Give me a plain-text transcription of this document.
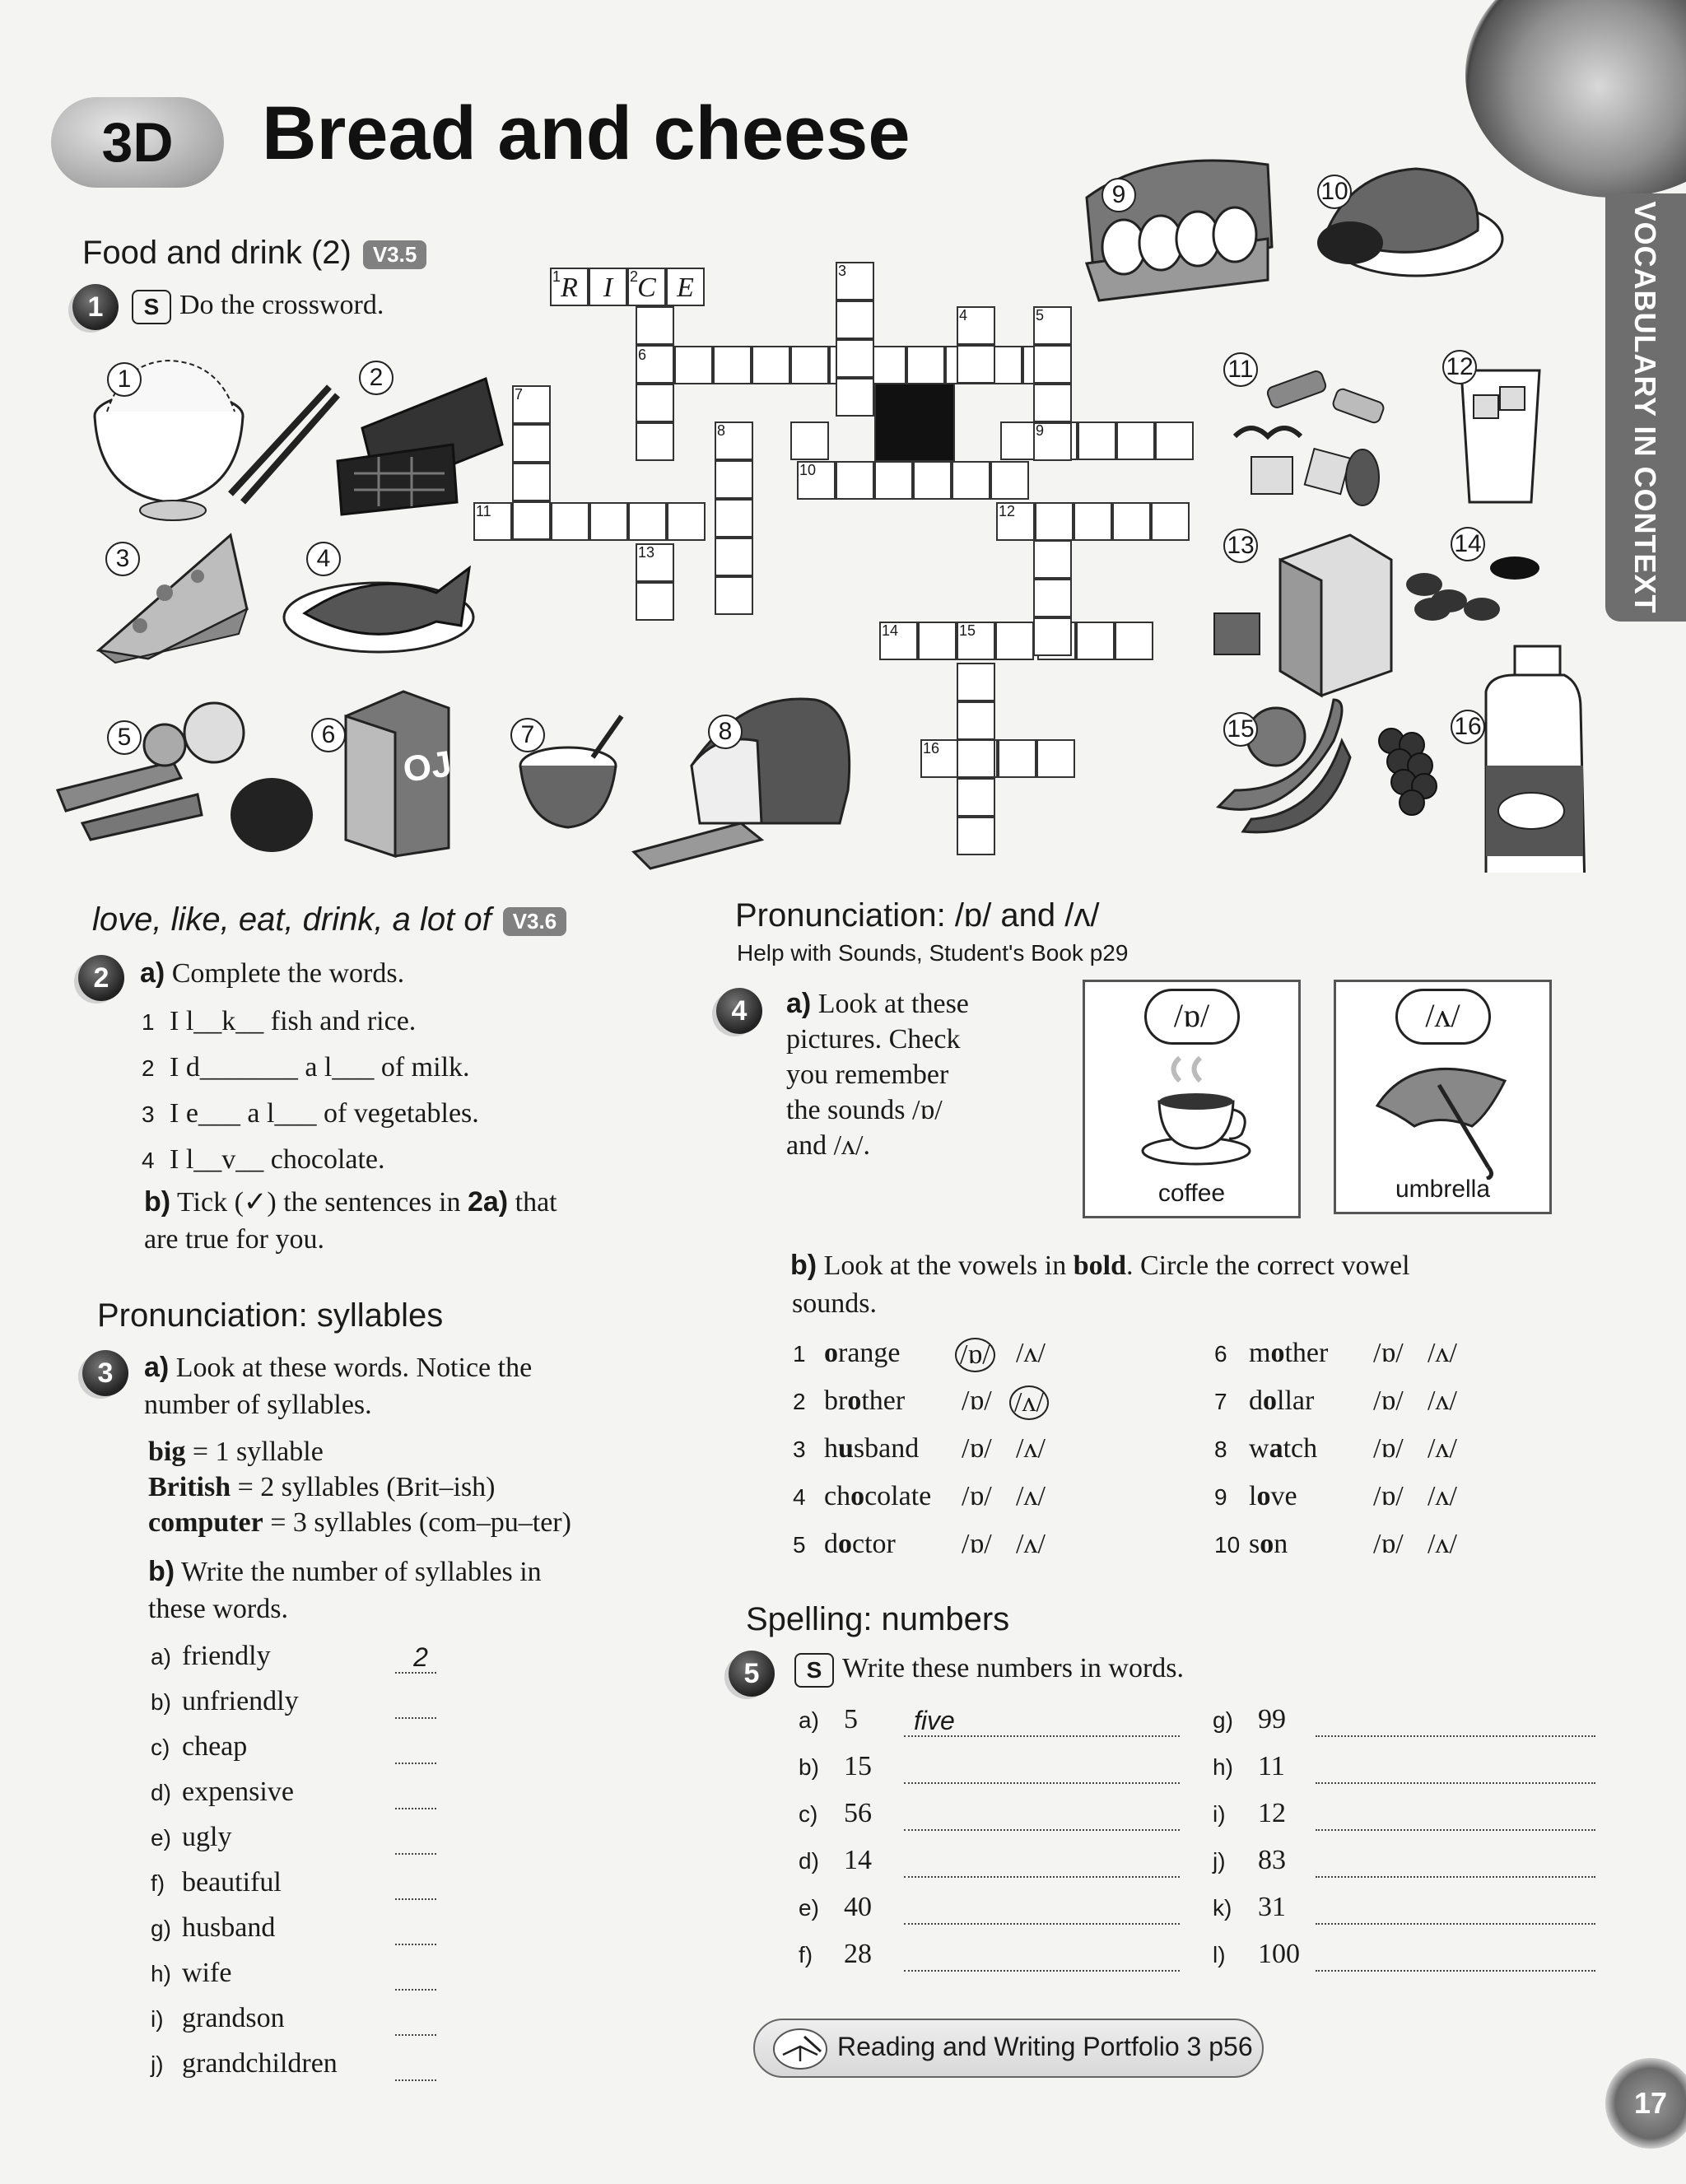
VOCABULARY IN CONTEXT
3D Bread and cheese
Food and drink (2) V3.5
1	S Do the crossword.
1	2	3
4	5
6
7
8	9
10
11	12
13
14	15
16
R I C E
OJ
1	2
3	4
5	6	7	8
9	10
11	12
13	14
15	16
love, like, eat, drink, a lot of V3.6
2	a) Complete the words.
1 I l__k__ fish and rice.
2 I d_______ a l___ of milk.
3 I e___ a l___ of vegetables.
4 I l__v__ chocolate.
b) Tick (✓) the sentences in 2a) that
are true for you.
Pronunciation: syllables
3	a) Look at these words. Notice the
number of syllables.
big = 1 syllable
British = 2 syllables (Brit–ish)
computer = 3 syllables (com–pu–ter)
b) Write the number of syllables in
these words.
a) friendly	2
b) unfriendly
c) cheap
d) expensive
e) ugly
f) beautiful
g) husband
h) wife
i) grandson
j) grandchildren
Pronunciation: /ɒ/ and /ʌ/
Help with Sounds, Student's Book p29
4	a) Look at these
pictures. Check
you remember
the sounds /ɒ/
and /ʌ/.
/ɒ/
coffee
/ʌ/
umbrella
b) Look at the vowels in bold. Circle the correct vowel
sounds.
1 orange /ɒ/ /ʌ/
2 brother /ɒ/ /ʌ/
3 husband /ɒ/ /ʌ/
4 chocolate /ɒ/ /ʌ/
5 doctor /ɒ/ /ʌ/
6 mother /ɒ/ /ʌ/
7 dollar /ɒ/ /ʌ/
8 watch /ɒ/ /ʌ/
9 love	/ɒ/ /ʌ/
10 son	/ɒ/ /ʌ/
Spelling: numbers
5	S Write these numbers in words.
a) 5	five
b) 15
c) 56
d) 14
e) 40
f) 28
g) 99
h) 11
i) 12
j) 83
k) 31
l) 100
Reading and Writing Portfolio 3 p56
17
